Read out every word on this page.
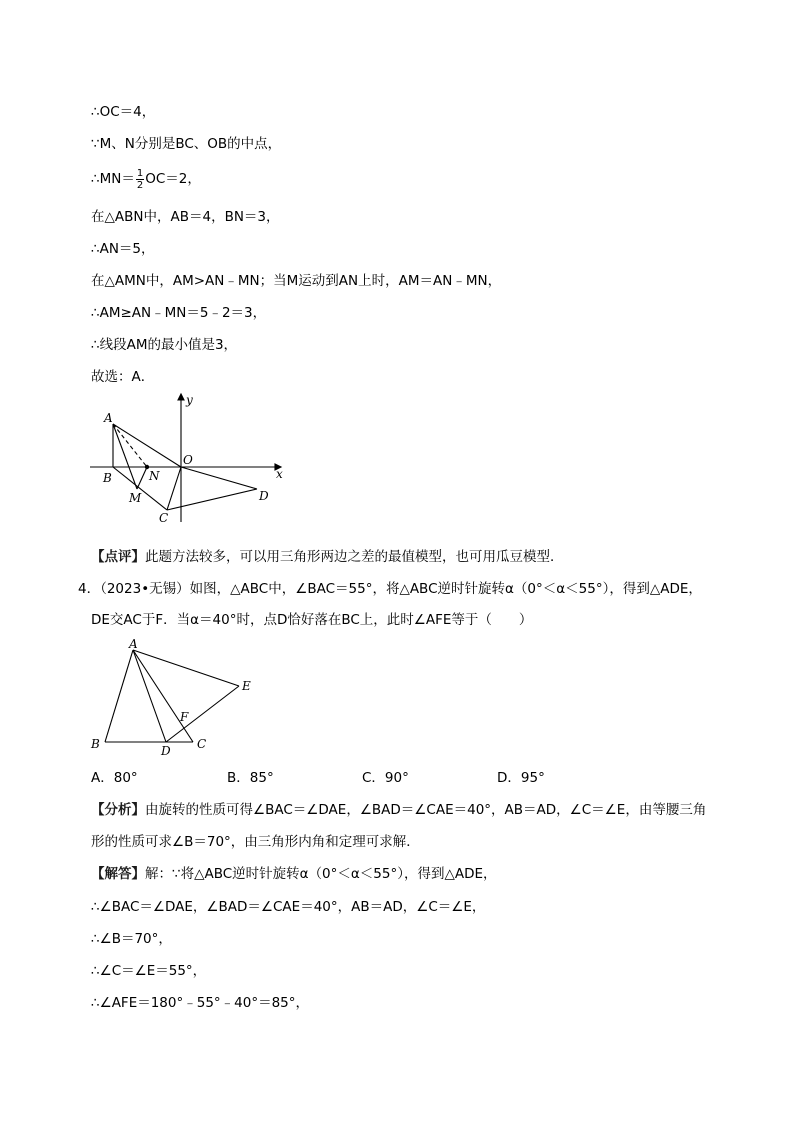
∴OC＝4，
∵M、N分别是BC、OB的中点，
∴MN＝ $\frac{1}{2} OC=2$，
在△ABN中，AB＝4，BN＝3，
∴AN＝5，
在△AMN中，AM>AN﹣MN；当M运动到AN上时，AM＝AN﹣MN，
∴AM≥AN﹣MN＝5﹣2＝3，
∴线段AM的最小值是3，
故选：A．
A
B	N
M
C
O
D
x
y
【点评】此题方法较多，可以用三角形两边之差的最值模型，也可用瓜豆模型．
4．（2023•无锡）如图，△ABC中，∠BAC＝55°，将△ABC逆时针旋转α（0°＜α＜55°），得到△ADE，
DE交AC于F．当α＝40°时，点D恰好落在BC上，此时∠AFE等于（　　）
A
E
F
B	D C
A．80°	B．85°	C．90°	D．95°
【分析】由旋转的性质可得∠BAC＝∠DAE，∠BAD＝∠CAE＝40°，AB＝AD，∠C＝∠E，由等腰三角
形的性质可求∠B＝70°，由三角形内角和定理可求解．
【解答】解：∵将△ABC逆时针旋转α（0°＜α＜55°），得到△ADE，
∴∠BAC＝∠DAE，∠BAD＝∠CAE＝40°，AB＝AD，∠C＝∠E，
∴∠B＝70°，
∴∠C＝∠E＝55°，
∴∠AFE＝180°﹣55°﹣40°＝85°，
